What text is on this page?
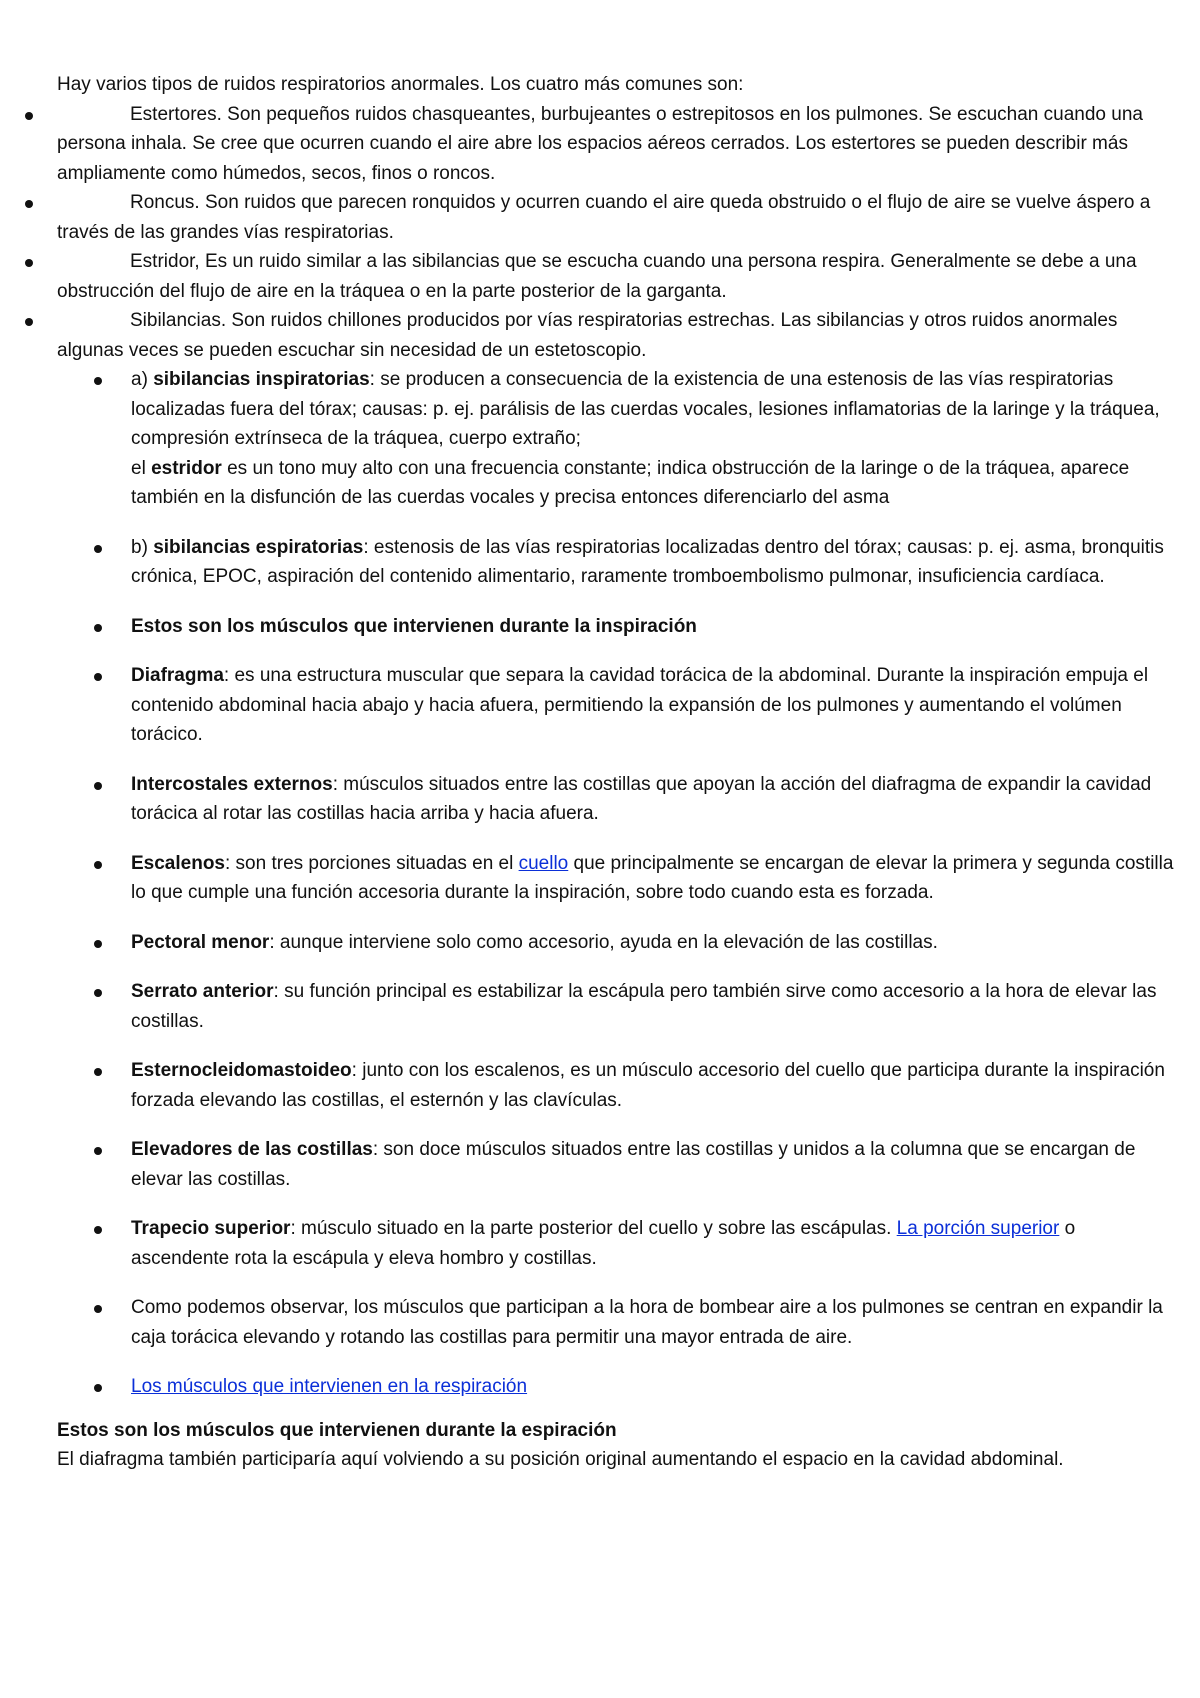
Hay varios tipos de ruidos respiratorios anormales. Los cuatro más comunes son:

Estertores. Son pequeños ruidos chasqueantes, burbujeantes o estrepitosos en los pulmones. Se escuchan cuando una persona inhala. Se cree que ocurren cuando el aire abre los espacios aéreos cerrados. Los estertores se pueden describir más ampliamente como húmedos, secos, finos o roncos.

Roncus. Son ruidos que parecen ronquidos y ocurren cuando el aire queda obstruido o el flujo de aire se vuelve áspero a través de las grandes vías respiratorias.

Estridor, Es un ruido similar a las sibilancias que se escucha cuando una persona respira. Generalmente se debe a una obstrucción del flujo de aire en la tráquea o en la parte posterior de la garganta.

Sibilancias. Son ruidos chillones producidos por vías respiratorias estrechas. Las sibilancias y otros ruidos anormales algunas veces se pueden escuchar sin necesidad de un estetoscopio.

a) sibilancias inspiratorias: se producen a consecuencia de la existencia de una estenosis de las vías respiratorias localizadas fuera del tórax; causas: p. ej. parálisis de las cuerdas vocales, lesiones inflamatorias de la laringe y la tráquea, compresión extrínseca de la tráquea, cuerpo extraño;
el estridor es un tono muy alto con una frecuencia constante; indica obstrucción de la laringe o de la tráquea, aparece también en la disfunción de las cuerdas vocales y precisa entonces diferenciarlo del asma
b) sibilancias espiratorias: estenosis de las vías respiratorias localizadas dentro del tórax; causas: p. ej. asma, bronquitis crónica, EPOC, aspiración del contenido alimentario, raramente tromboembolismo pulmonar, insuficiencia cardíaca.
Estos son los músculos que intervienen durante la inspiración
Diafragma: es una estructura muscular que separa la cavidad torácica de la abdominal. Durante la inspiración empuja el contenido abdominal hacia abajo y hacia afuera, permitiendo la expansión de los pulmones y aumentando el volúmen torácico.
Intercostales externos: músculos situados entre las costillas que apoyan la acción del diafragma de expandir la cavidad torácica al rotar las costillas hacia arriba y hacia afuera.
Escalenos: son tres porciones situadas en el cuello que principalmente se encargan de elevar la primera y segunda costilla lo que cumple una función accesoria durante la inspiración, sobre todo cuando esta es forzada.
Pectoral menor: aunque interviene solo como accesorio, ayuda en la elevación de las costillas.
Serrato anterior: su función principal es estabilizar la escápula pero también sirve como accesorio a la hora de elevar las costillas.
Esternocleidomastoideo: junto con los escalenos, es un músculo accesorio del cuello que participa durante la inspiración forzada elevando las costillas, el esternón y las clavículas.
Elevadores de las costillas: son doce músculos situados entre las costillas y unidos a la columna que se encargan de elevar las costillas.
Trapecio superior: músculo situado en la parte posterior del cuello y sobre las escápulas. La porción superior o ascendente rota la escápula y eleva hombro y costillas.
Como podemos observar, los músculos que participan a la hora de bombear aire a los pulmones se centran en expandir la caja torácica elevando y rotando las costillas para permitir una mayor entrada de aire.
Los músculos que intervienen en la respiración

Estos son los músculos que intervienen durante la espiración

El diafragma también participaría aquí volviendo a su posición original aumentando el espacio en la cavidad abdominal.
